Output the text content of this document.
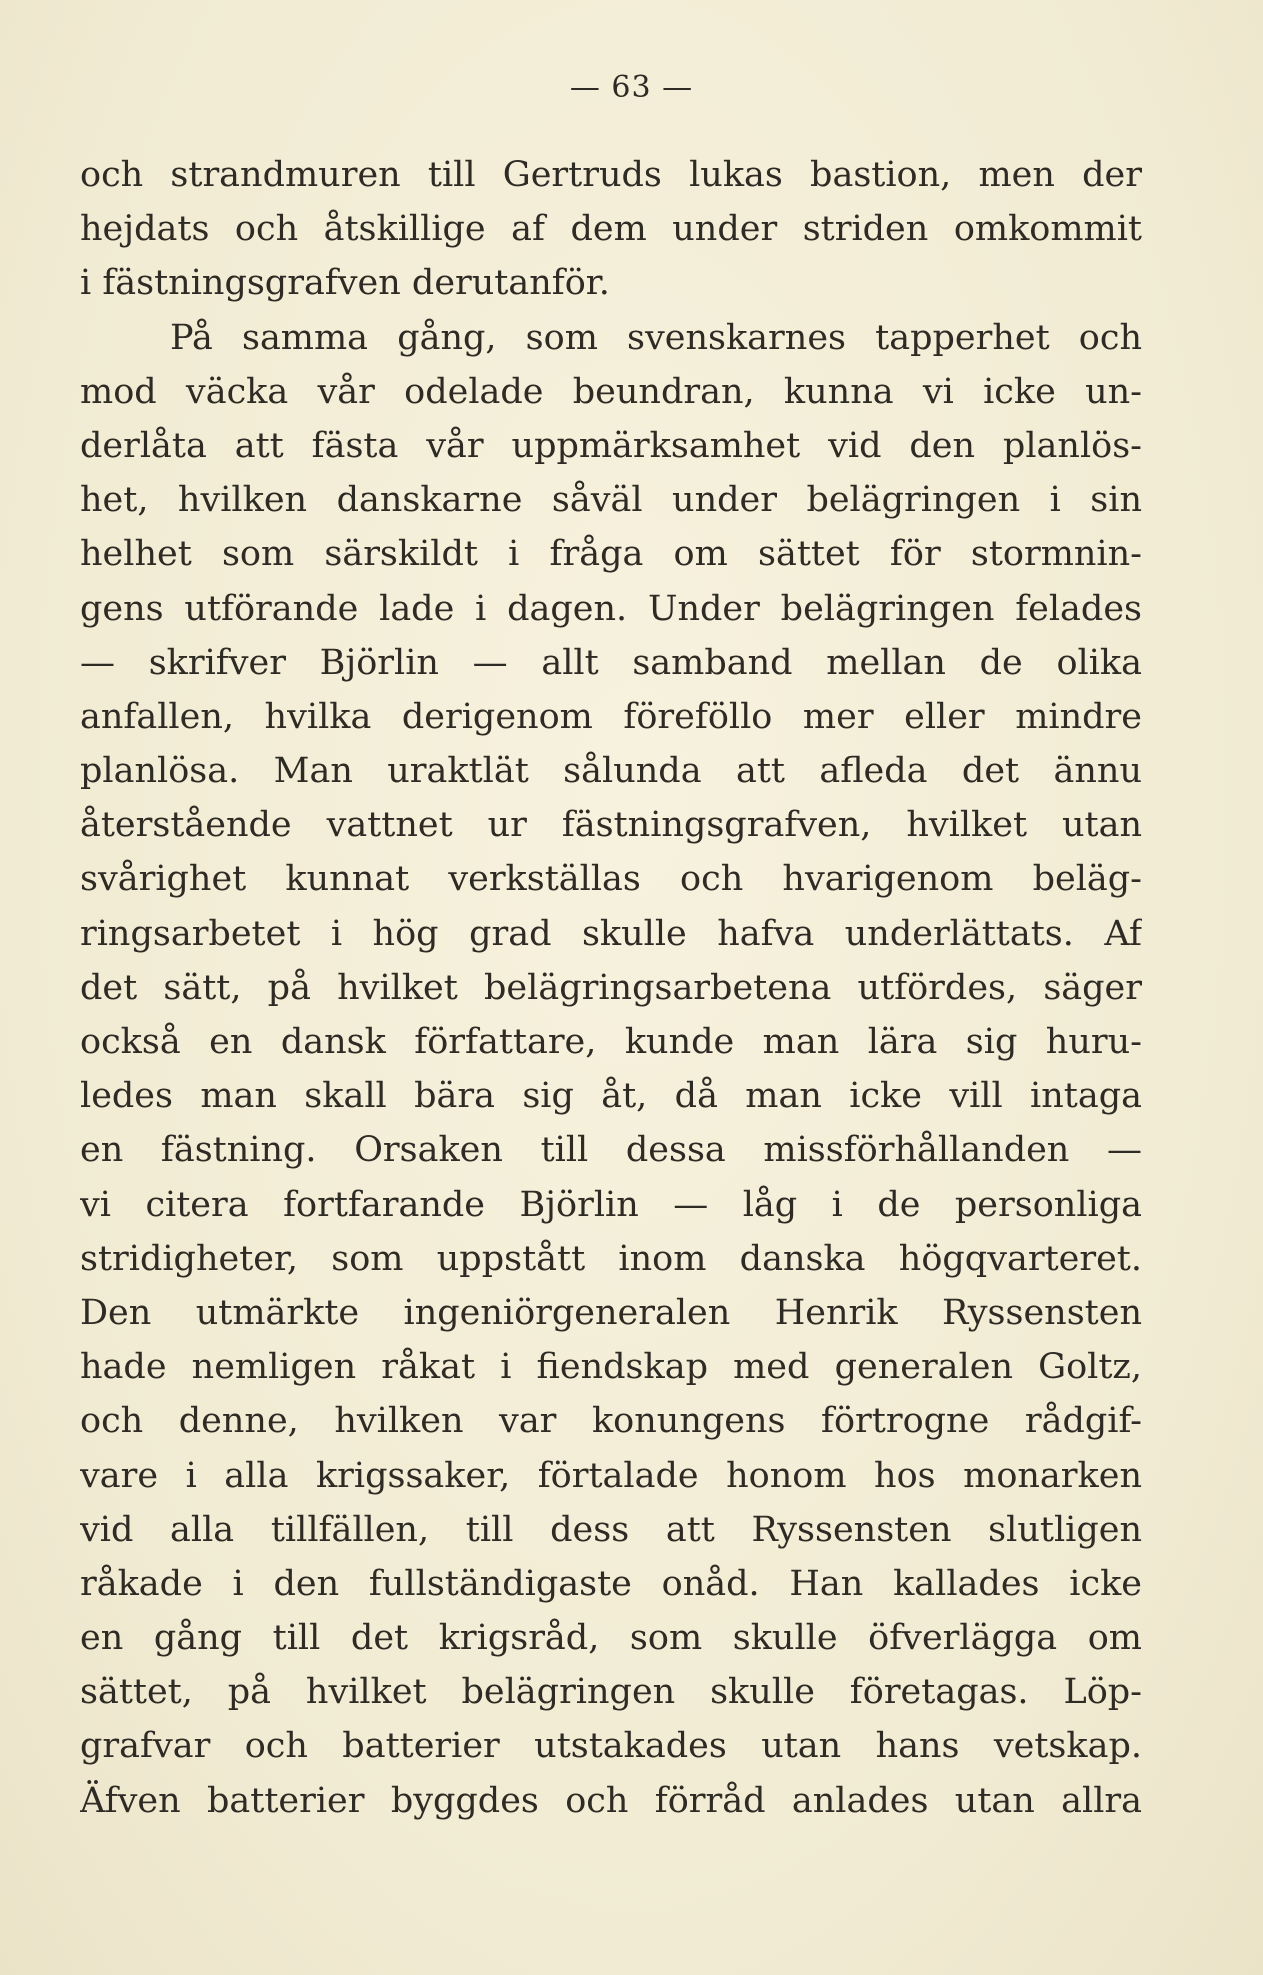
— 63 —
och strandmuren till Gertruds lukas bastion, men der
hejdats och åtskillige af dem under striden omkommit
i fästningsgrafven derutanför.
På samma gång, som svenskarnes tapperhet och
mod väcka vår odelade beundran, kunna vi icke un-
derlåta att fästa vår uppmärksamhet vid den planlös-
het, hvilken danskarne såväl under belägringen i sin
helhet som särskildt i fråga om sättet för stormnin-
gens utförande lade i dagen. Under belägringen felades
— skrifver Björlin — allt samband mellan de olika
anfallen, hvilka derigenom föreföllo mer eller mindre
planlösa. Man uraktlät sålunda att afleda det ännu
återstående vattnet ur fästningsgrafven, hvilket utan
svårighet kunnat verkställas och hvarigenom beläg-
ringsarbetet i hög grad skulle hafva underlättats. Af
det sätt, på hvilket belägringsarbetena utfördes, säger
också en dansk författare, kunde man lära sig huru-
ledes man skall bära sig åt, då man icke vill intaga
en fästning. Orsaken till dessa missförhållanden —
vi citera fortfarande Björlin — låg i de personliga
stridigheter, som uppstått inom danska högqvarteret.
Den utmärkte ingeniörgeneralen Henrik Ryssensten
hade nemligen råkat i fiendskap med generalen Goltz,
och denne, hvilken var konungens förtrogne rådgif-
vare i alla krigssaker, förtalade honom hos monarken
vid alla tillfällen, till dess att Ryssensten slutligen
råkade i den fullständigaste onåd. Han kallades icke
en gång till det krigsråd, som skulle öfverlägga om
sättet, på hvilket belägringen skulle företagas. Löp-
grafvar och batterier utstakades utan hans vetskap.
Äfven batterier byggdes och förråd anlades utan allra
